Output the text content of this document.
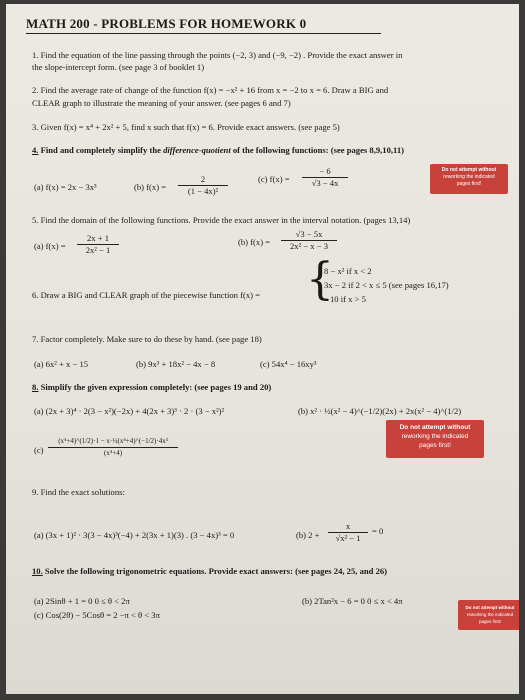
MATH 200 - PROBLEMS FOR HOMEWORK 0
1. Find the equation of the line passing through the points (−2, 3) and (−9, −2) . Provide the exact answer in
the slope-intercept form. (see page 3 of booklet 1)
2. Find the average rate of change of the function f(x) = −x² + 16 from x = −2 to x = 6. Draw a BIG and
CLEAR graph to illustrate the meaning of your answer. (see pages 6 and 7)
3. Given f(x) = x⁴ + 2x² + 5, find x such that f(x) = 6. Provide exact answers. (see page 5)
4. Find and completely simplify the difference-quotient of the following functions: (see pages 8,9,10,11)
(a) f(x) = 2x − 3x³	(b) f(x) =
2
(1 − 4x)²
(c) f(x) =
− 6
√3 − 4x
5. Find the domain of the following functions. Provide the exact answer in the interval notation. (pages 13,14)
(a) f(x) =
2x + 1
2x² − 1
(b) f(x) =
√3 − 5x
2x² − x − 3
6. Draw a BIG and CLEAR graph of the piecewise function f(x) = {
8 − x² if x < 2
3x − 2 if 2 < x ≤ 5 (see pages 16,17)
10 if x > 5
7. Factor completely. Make sure to do these by hand. (see page 18)
(a) 6x² + x − 15	(b) 9x³ + 18x² − 4x − 8	(c) 54x⁴ − 16xy³
8. Simplify the given expression completely: (see pages 19 and 20)
(a) (2x + 3)⁴ · 2(3 − x²)(−2x) + 4(2x + 3)³ · 2 · (3 − x²)²	(b) x² · ½(x² − 4)^(−1/2)(2x) + 2x(x² − 4)^(1/2)
(c)
(x⁴+4)^(1/2)·1 − x·½(x⁴+4)^(−1/2)·4x³
(x⁴+4)
9. Find the exact solutions:
(a) (3x + 1)² · 3(3 − 4x)³(−4) + 2(3x + 1)(3) . (3 − 4x)³ = 0	(b) 2 +
x
√x² − 1
= 0
10. Solve the following trigonometric equations. Provide exact answers: (see pages 24, 25, and 26)
(a) 2Sinθ + 1 = 0 0 ≤ θ < 2π	(b) 2Tan²x − 6 = 0 0 ≤ x < 4π
(c) Cos(2θ) − 5Cosθ = 2 −π < θ < 3π
Do not attempt without
reworking the indicated
pages first!
Do not attempt without
reworking the indicated
pages first!
Do not attempt without
reworking the indicated
pages first!
